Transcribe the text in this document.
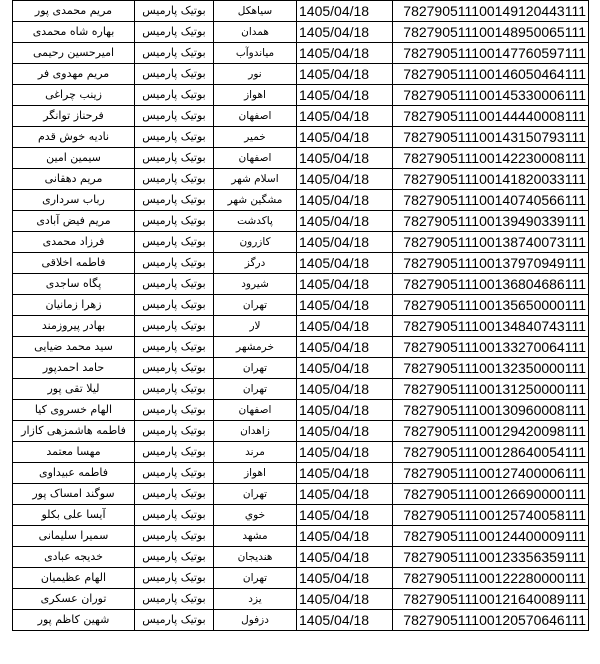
مریم محمدی پور	بوتیک پارمیس	سیاهکل	1405/04/18	782790511100149120443111
بهاره شاه محمدی	بوتیک پارمیس	همدان	1405/04/18	782790511100148950065111
امیرحسین رحیمی	بوتیک پارمیس	میاندوآب	1405/04/18	782790511100147760597111
مریم مهدوی فر	بوتیک پارمیس	نور	1405/04/18	782790511100146050464111
زینب چراغی	بوتیک پارمیس	اهواز	1405/04/18	782790511100145330006111
فرحناز توانگر	بوتیک پارمیس	اصفهان	1405/04/18	782790511100144440008111
نادیه خوش قدم	بوتیک پارمیس	خمیر	1405/04/18	782790511100143150793111
سیمین امین	بوتیک پارمیس	اصفهان	1405/04/18	782790511100142230008111
مریم دهقانی	بوتیک پارمیس	اسلام شهر	1405/04/18	782790511100141820033111
رباب سرداری	بوتیک پارمیس	مشگین شهر	1405/04/18	782790511100140740566111
مریم فیض آبادی	بوتیک پارمیس	پاکدشت	1405/04/18	782790511100139490339111
فرزاد محمدی	بوتیک پارمیس	کازرون	1405/04/18	782790511100138740073111
فاطمه اخلاقی	بوتیک پارمیس	درگز	1405/04/18	782790511100137970949111
پگاه ساجدی	بوتیک پارمیس	شیرود	1405/04/18	782790511100136804686111
زهرا زمانیان	بوتیک پارمیس	تهران	1405/04/18	782790511100135650000111
بهادر پیروزمند	بوتیک پارمیس	لار	1405/04/18	782790511100134840743111
سید محمد ضیایی	بوتیک پارمیس	خرمشهر	1405/04/18	782790511100133270064111
حامد احمدپور	بوتیک پارمیس	تهران	1405/04/18	782790511100132350000111
لیلا تقی پور	بوتیک پارمیس	تهران	1405/04/18	782790511100131250000111
الهام خسروی کیا	بوتیک پارمیس	اصفهان	1405/04/18	782790511100130960008111
فاطمه هاشمزهی کازار	بوتیک پارمیس	زاهدان	1405/04/18	782790511100129420098111
مهسا معتمد	بوتیک پارمیس	مرند	1405/04/18	782790511100128640054111
فاطمه عبیداوی	بوتیک پارمیس	اهواز	1405/04/18	782790511100127400006111
سوگند امساک پور	بوتیک پارمیس	تهران	1405/04/18	782790511100126690000111
آیسا علی بکلو	بوتیک پارمیس	خوي	1405/04/18	782790511100125740058111
سمیرا سلیمانی	بوتیک پارمیس	مشهد	1405/04/18	782790511100124400009111
خدیجه عبادی	بوتیک پارمیس	هندیجان	1405/04/18	782790511100123356359111
الهام عظیمیان	بوتیک پارمیس	تهران	1405/04/18	782790511100122280000111
توران عسکری	بوتیک پارمیس	یزد	1405/04/18	782790511100121640089111
شهین کاظم پور	بوتیک پارمیس	دزفول	1405/04/18	782790511100120570646111
